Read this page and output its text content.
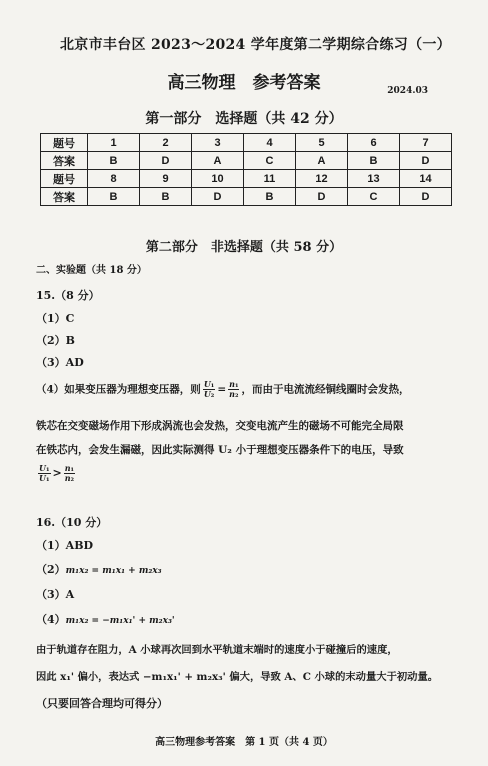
北京市丰台区 2023～2024 学年度第二学期综合练习（一）
高三物理　参考答案	2024.03
第一部分　选择题（共 42 分）
题号	1	2	3	4	5	6	7
答案	B	D	A	C	A	B	D
题号	8	9	10	11	12	13	14
答案	B	B	D	B	D	C	D
第二部分　非选择题（共 58 分）
二、实验题（共 18 分）
15.（8 分）
（1）C
（2）B
（3）AD
（4）如果变压器为理想变压器，则 $\frac{\text{U₁}}{\text{U₂}} = \frac{\text{n₁}}{\text{n₂}}$ ，而由于电流流经铜线圈时会发热，
铁芯在交变磁场作用下形成涡流也会发热，交变电流产生的磁场不可能完全局限
在铁芯内，会发生漏磁，因此实际测得 U₂ 小于理想变压器条件下的电压，导致
$\frac{\text{U₁}}{\text{U₁}} > \frac{\text{n₁}}{\text{n₂}}$
16.（10 分）
（1）ABD
（2）m₁x₂ = m₁x₁ + m₂x₃
（3）A
（4）m₁x₂ = −m₁x₁' + m₂x₃'
由于轨道存在阻力，A 小球再次回到水平轨道末端时的速度小于碰撞后的速度，
因此 x₁' 偏小，表达式 −m₁x₁' + m₂x₃' 偏大，导致 A、C 小球的末动量大于初动量。
（只要回答合理均可得分）
高三物理参考答案　第 1 页（共 4 页）
